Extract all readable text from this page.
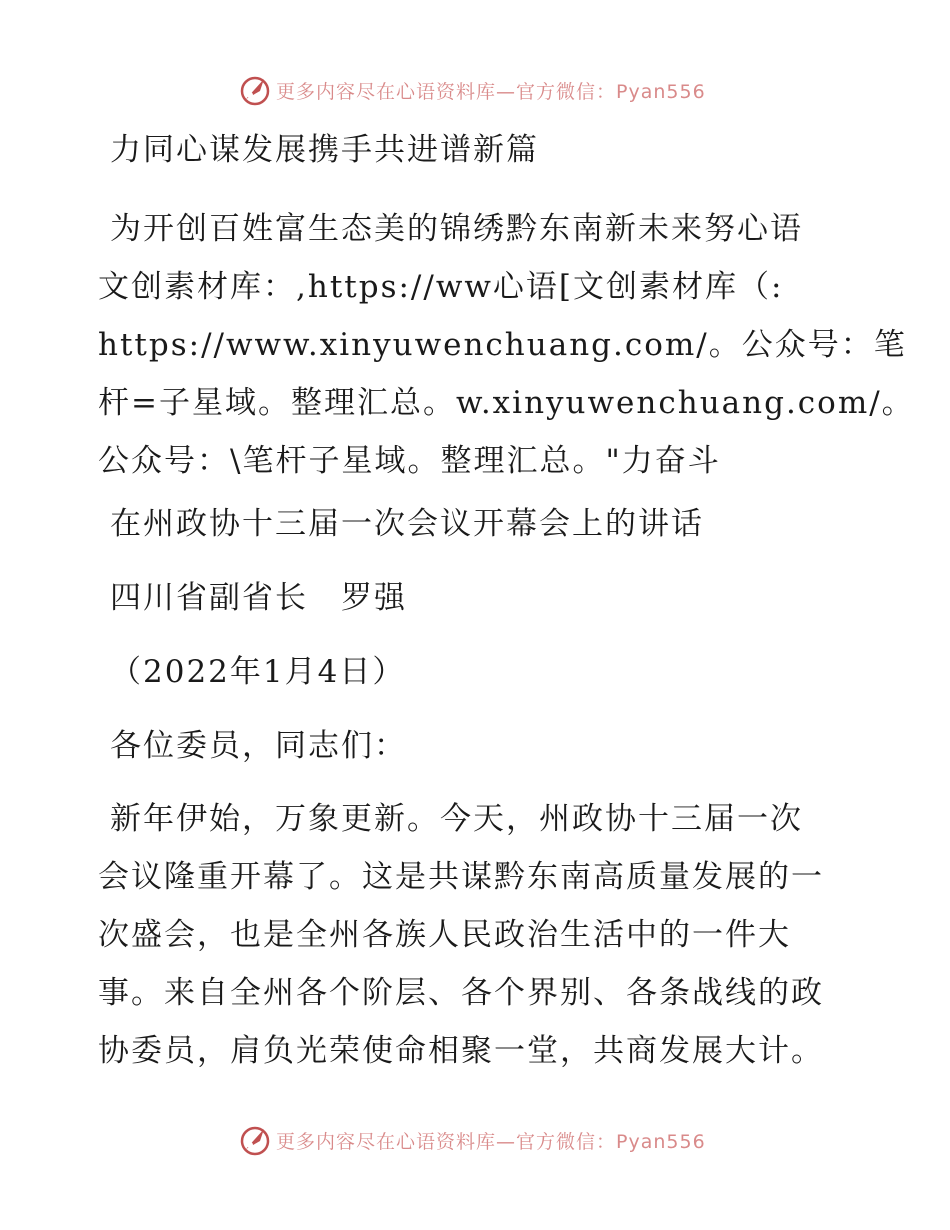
更多内容尽在心语资料库—官方微信：Pyan556

力同心谋发展携手共进谱新篇

为开创百姓富生态美的锦绣黔东南新未来努心语

文创素材库：,https://ww心语[文创素材库（:

https://www.xinyuwenchuang.com/。公众号：笔

杆=子星域。整理汇总。w.xinyuwenchuang.com/。

公众号：\笔杆子星域。整理汇总。"力奋斗

在州政协十三届一次会议开幕会上的讲话

四川省副省长　罗强

（2022年1月4日）

各位委员，同志们：

新年伊始，万象更新。今天，州政协十三届一次

会议隆重开幕了。这是共谋黔东南高质量发展的一

次盛会，也是全州各族人民政治生活中的一件大

事。来自全州各个阶层、各个界别、各条战线的政

协委员，肩负光荣使命相聚一堂，共商发展大计。

更多内容尽在心语资料库—官方微信：Pyan556
